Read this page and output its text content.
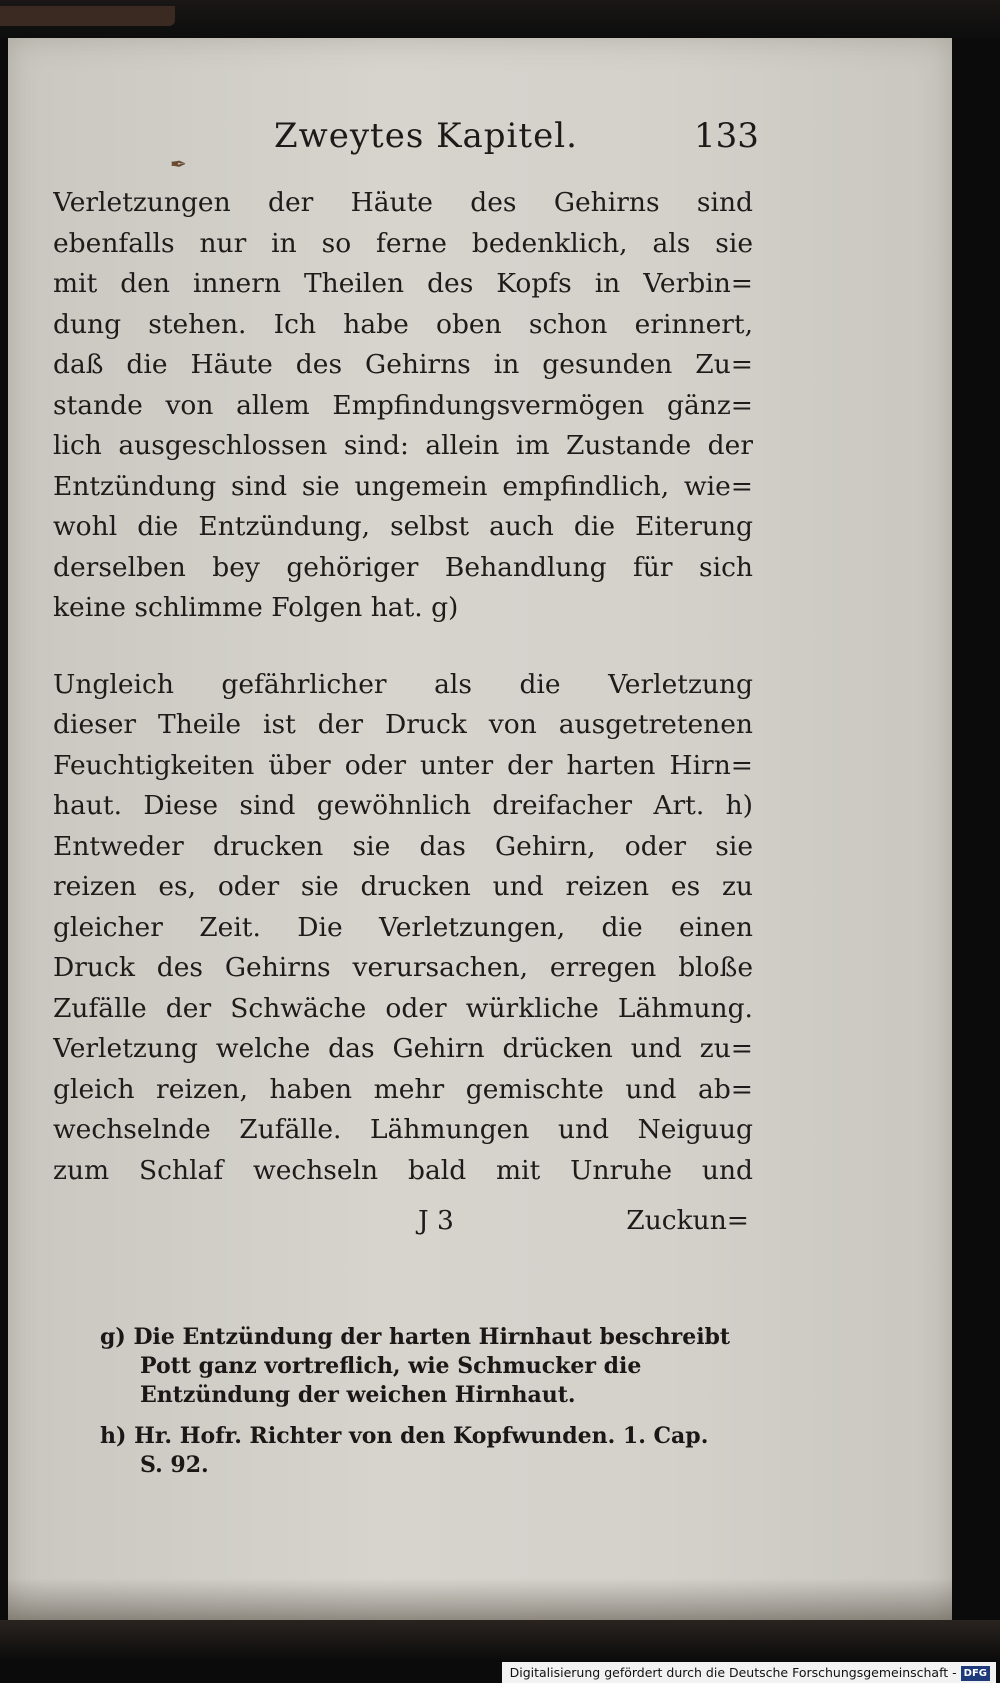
Zweytes Kapitel.	133
✒
Verletzungen der Häute des Gehirns sind
ebenfalls nur in so ferne bedenklich, als sie
mit den innern Theilen des Kopfs in Verbin=
dung stehen. Ich habe oben schon erinnert,
daß die Häute des Gehirns in gesunden Zu=
stande von allem Empfindungsvermögen gänz=
lich ausgeschlossen sind: allein im Zustande der
Entzündung sind sie ungemein empfindlich, wie=
wohl die Entzündung, selbst auch die Eiterung
derselben bey gehöriger Behandlung für sich
keine schlimme Folgen hat. g)
Ungleich gefährlicher als die Verletzung
dieser Theile ist der Druck von ausgetretenen
Feuchtigkeiten über oder unter der harten Hirn=
haut. Diese sind gewöhnlich dreifacher Art. h)
Entweder drucken sie das Gehirn, oder sie
reizen es, oder sie drucken und reizen es zu
gleicher Zeit. Die Verletzungen, die einen
Druck des Gehirns verursachen, erregen bloße
Zufälle der Schwäche oder würkliche Lähmung.
Verletzung welche das Gehirn drücken und zu=
gleich reizen, haben mehr gemischte und ab=
wechselnde Zufälle. Lähmungen und Neiguug
zum Schlaf wechseln bald mit Unruhe und
J 3	Zuckun=
g) Die Entzündung der harten Hirnhaut beschreibt
Pott ganz vortreflich, wie Schmucker die
Entzündung der weichen Hirnhaut.
h) Hr. Hofr. Richter von den Kopfwunden. 1. Cap.
S. 92.
Digitalisierung gefördert durch die Deutsche Forschungsgemeinschaft - DFG
